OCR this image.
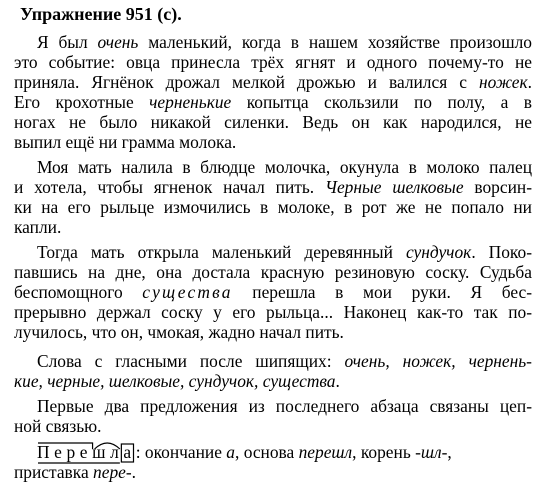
Упражнение 951 (с).

Я был очень маленький, когда в нашем хозяйстве произошло

это событие: овца принесла трёх ягнят и одного почему-то не

приняла. Ягнёнок дрожал мелкой дрожью и валился с ножек.

Его крохотные черненькие копытца скользили по полу, а в

ногах не было никакой силенки. Ведь он как народился, не

выпил ещё ни грамма молока.

Моя мать налила в блюдце молочка, окунула в молоко палец

и хотела, чтобы ягненок начал пить. Черные шелковые ворсин-

ки на его рыльце измочились в молоке, в рот же не попало ни

капли.

Тогда мать открыла маленький деревянный сундучок. Поко-

павшись на дне, она достала красную резиновую соску. Судьба

беспомощного существа перешла в мои руки. Я бес-

прерывно держал соску у его рыльца... Наконец как-то так по-

лучилось, что он, чмокая, жадно начал пить.

Слова с гласными после шипящих: очень, ножек, чернень-

кие, черные, шелковые, сундучок, существа.

Первые два предложения из последнего абзаца связаны цеп-

ной связью.

Перешла
: окончание а, основа перешл, корень -шл-,

приставка пере-.
